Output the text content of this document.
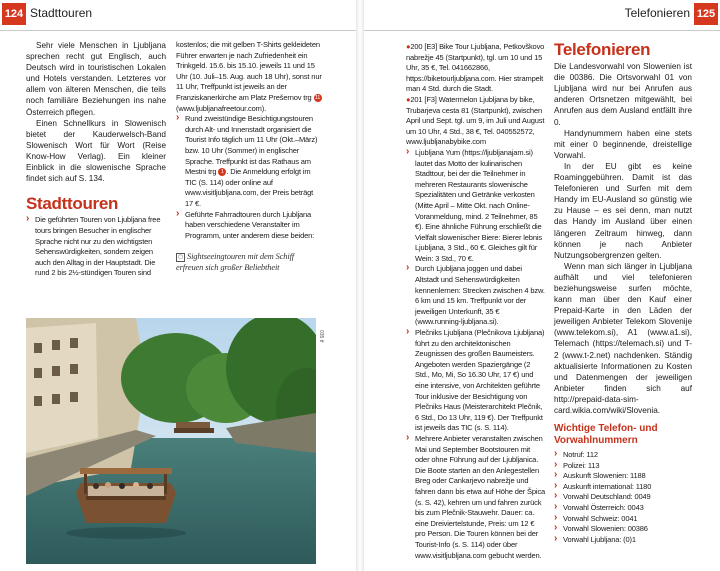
124 Stadttouren

Sehr viele Menschen in Ljubljana sprechen recht gut Englisch, auch Deutsch wird in touristischen Lokalen und Hotels verstanden. Letzteres vor allem von älteren Menschen, die teils noch familiäre Beziehungen ins nahe Österreich pflegen.

Einen Schnellkurs in Slowenisch bietet der Kauderwelsch-Band Slowenisch Wort für Wort (Reise Know-How Verlag). Ein kleiner Einblick in die slowenische Sprache findet sich auf S. 134.

Stadttouren

› Die geführten Touren von Ljubljana free tours bringen Besucher in englischer Sprache nicht nur zu den wichtigsten Sehenswürdigkeiten, sondern zeigen auch den Alltag in der Hauptstadt. Die rund 2 bis 2½-stündigen Touren sind

kostenlos; die mit gelben T-Shirts gekleideten Führer erwarten je nach Zufriedenheit ein Trinkgeld. 15.6. bis 15.10. jeweils 11 und 15 Uhr (10. Juli–15. Aug. auch 18 Uhr), sonst nur 11 Uhr, Treffpunkt ist jeweils an der Franziskanerkirche am Platz Prešernov trg 11 (www.ljubljanafreetour.com).

› Rund zweistündige Besichtigungstouren durch Alt- und Innenstadt organisiert die Tourist Info täglich um 11 Uhr (Okt.–März) bzw. 10 Uhr (Sommer) in englischer Sprache. Treffpunkt ist das Rathaus am Mestni trg 1 . Die Anmeldung erfolgt im TIC (S. 114) oder online auf www.visitljubljana.com, der Preis beträgt 17 €.

› Geführte Fahrradtouren durch Ljubljana haben verschiedene Veranstalter im Programm, unter anderem diese beiden:

▢ Sightseeingtouren mit dem Schiff erfreuen sich großer Beliebtheit

035 tf
Telefonieren 125

●200 [E3] Bike Tour Ljubljana, Petkovškovo nabrežje 45 (Startpunkt), tgl. um 10 und 15 Uhr, 35 €, Tel. 041662866, https://biketourljubljana.com. Hier strampelt man 4 Std. durch die Stadt.

●201 [F3] Watermelon Ljubljana by bike, Trubarjeva cesta 81 (Startpunkt), zwischen April und Sept. tgl. um 9, im Juli und August um 10 Uhr, 4 Std., 38 €, Tel. 040552572, www.ljubljanabybike.com

› Ljubljana Yum (https://ljubljanajam.si) lautet das Motto der kulinarischen Stadttour, bei der die Teilnehmer in mehreren Restaurants slowenische Spezialitäten und Getränke verkosten (Mitte April – Mitte Okt. nach Online-Voranmeldung, mind. 2 Teilnehmer, 85 €). Eine ähnliche Führung erschließt die Vielfalt slowenischer Biere: Bierer lebnis Ljubljana, 3 Std., 60 €. Gleiches gilt für Wein: 3 Std., 70 €.

› Durch Ljubljana joggen und dabei Altstadt und Sehenswürdigkeiten kennenlernen: Strecken zwischen 4 bzw. 6 km und 15 km. Treffpunkt vor der jeweiligen Unterkunft, 35 € (www.running-ljubljana.si).

› Plečniks Ljubljana (Plečnikova Ljubljana) führt zu den architektonischen Zeugnissen des großen Baumeisters. Angeboten werden Spaziergänge (2 Std., Mo, Mi, So 16.30 Uhr, 17 €) und eine intensive, von Architekten geführte Tour inklusive der Besichtigung von Plečniks Haus (Meisterarchitekt Plečnik, 6 Std., Do 13 Uhr, 119 €). Der Treffpunkt ist jeweils das TIC (s. S. 114).

› Mehrere Anbieter veranstalten zwischen Mai und September Bootstouren mit oder ohne Führung auf der Ljubljanica. Die Boote starten an den Anlegestellen Breg oder Cankarjevo nabrežje und fahren dann bis etwa auf Höhe der Špica (s. S. 42), kehren um und fahren zurück bis zum Plečnik-Stauwehr. Dauer: ca. eine Dreiviertelstunde, Preis: um 12 € pro Person. Die Touren können bei der Tourist-Info (s. S. 114) oder über www.visitljubljana.com gebucht werden.

Telefonieren

Die Landesvorwahl von Slowenien ist die 00386. Die Ortsvorwahl 01 von Ljubljana wird nur bei Anrufen aus anderen Ortsnetzen mitgewählt, bei Anrufen aus dem Ausland entfällt ihre 0.

Handynummern haben eine stets mit einer 0 beginnende, dreistellige Vorwahl.

In der EU gibt es keine Roaminggebühren. Damit ist das Telefonieren und Surfen mit dem Handy im EU-Ausland so günstig wie zu Hause – es sei denn, man nutzt das Handy im Ausland über einen längeren Zeitraum hinweg, dann können je nach Anbieter Nutzungsobergrenzen gelten.

Wenn man sich länger in Ljubljana aufhält und viel telefonieren beziehungsweise surfen möchte, kann man über den Kauf einer Prepaid-Karte in den Läden der jeweiligen Anbieter Telekom Slovenije (www.telekom.si), A1 (www.a1.si), Telemach (https://telemach.si) und T-2 (www.t-2.net) nachdenken. Ständig aktualisierte Informationen zu Kosten und Datenmengen der jeweiligen Anbieter finden sich auf http://prepaid-data-sim-card.wikia.com/wiki/Slovenia.

Wichtige Telefon- und Vorwahlnummern

› Notruf: 112

› Polizei: 113

› Auskunft Slowenien: 1188

› Auskunft international: 1180

› Vorwahl Deutschland: 0049

› Vorwahl Österreich: 0043

› Vorwahl Schweiz: 0041

› Vorwahl Slowenien: 00386

› Vorwahl Ljubljana: (0)1
